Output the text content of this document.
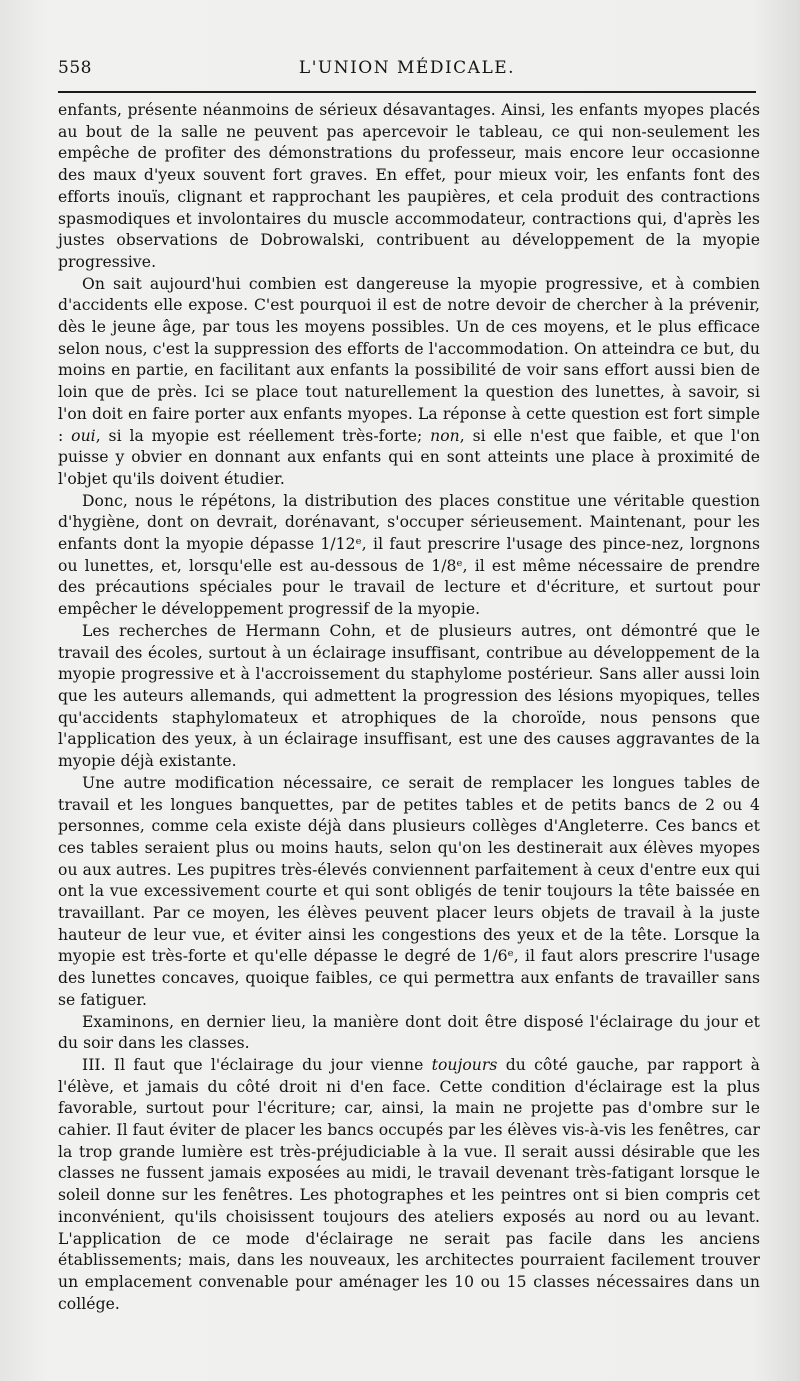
558	L'UNION MÉDICALE.

enfants, présente néanmoins de sérieux désavantages. Ainsi, les enfants myopes placés au bout de la salle ne peuvent pas apercevoir le tableau, ce qui non-seulement les empêche de profiter des démonstrations du professeur, mais encore leur occasionne des maux d'yeux souvent fort graves. En effet, pour mieux voir, les enfants font des efforts inouïs, clignant et rapprochant les paupières, et cela produit des contractions spasmodiques et involontaires du muscle accommodateur, contractions qui, d'après les justes observations de Dobrowalski, contribuent au développement de la myopie progressive.

On sait aujourd'hui combien est dangereuse la myopie progressive, et à combien d'accidents elle expose. C'est pourquoi il est de notre devoir de chercher à la prévenir, dès le jeune âge, par tous les moyens possibles. Un de ces moyens, et le plus efficace selon nous, c'est la suppression des efforts de l'accommodation. On atteindra ce but, du moins en partie, en facilitant aux enfants la possibilité de voir sans effort aussi bien de loin que de près. Ici se place tout naturellement la question des lunettes, à savoir, si l'on doit en faire porter aux enfants myopes. La réponse à cette question est fort simple : oui, si la myopie est réellement très-forte; non, si elle n'est que faible, et que l'on puisse y obvier en donnant aux enfants qui en sont atteints une place à proximité de l'objet qu'ils doivent étudier.

Donc, nous le répétons, la distribution des places constitue une véritable question d'hygiène, dont on devrait, dorénavant, s'occuper sérieusement. Maintenant, pour les enfants dont la myopie dépasse 1/12ᵉ, il faut prescrire l'usage des pince-nez, lorgnons ou lunettes, et, lorsqu'elle est au-dessous de 1/8ᵉ, il est même nécessaire de prendre des précautions spéciales pour le travail de lecture et d'écriture, et surtout pour empêcher le développement progressif de la myopie.

Les recherches de Hermann Cohn, et de plusieurs autres, ont démontré que le travail des écoles, surtout à un éclairage insuffisant, contribue au développement de la myopie progressive et à l'accroissement du staphylome postérieur. Sans aller aussi loin que les auteurs allemands, qui admettent la progression des lésions myopiques, telles qu'accidents staphylomateux et atrophiques de la choroïde, nous pensons que l'application des yeux, à un éclairage insuffisant, est une des causes aggravantes de la myopie déjà existante.

Une autre modification nécessaire, ce serait de remplacer les longues tables de travail et les longues banquettes, par de petites tables et de petits bancs de 2 ou 4 personnes, comme cela existe déjà dans plusieurs collèges d'Angleterre. Ces bancs et ces tables seraient plus ou moins hauts, selon qu'on les destinerait aux élèves myopes ou aux autres. Les pupitres très-élevés conviennent parfaitement à ceux d'entre eux qui ont la vue excessivement courte et qui sont obligés de tenir toujours la tête baissée en travaillant. Par ce moyen, les élèves peuvent placer leurs objets de travail à la juste hauteur de leur vue, et éviter ainsi les congestions des yeux et de la tête. Lorsque la myopie est très-forte et qu'elle dépasse le degré de 1/6ᵉ, il faut alors prescrire l'usage des lunettes concaves, quoique faibles, ce qui permettra aux enfants de travailler sans se fatiguer.

Examinons, en dernier lieu, la manière dont doit être disposé l'éclairage du jour et du soir dans les classes.

III. Il faut que l'éclairage du jour vienne toujours du côté gauche, par rapport à l'élève, et jamais du côté droit ni d'en face. Cette condition d'éclairage est la plus favorable, surtout pour l'écriture; car, ainsi, la main ne projette pas d'ombre sur le cahier. Il faut éviter de placer les bancs occupés par les élèves vis-à-vis les fenêtres, car la trop grande lumière est très-préjudiciable à la vue. Il serait aussi désirable que les classes ne fussent jamais exposées au midi, le travail devenant très-fatigant lorsque le soleil donne sur les fenêtres. Les photographes et les peintres ont si bien compris cet inconvénient, qu'ils choisissent toujours des ateliers exposés au nord ou au levant. L'application de ce mode d'éclairage ne serait pas facile dans les anciens établissements; mais, dans les nouveaux, les architectes pourraient facilement trouver un emplacement convenable pour aménager les 10 ou 15 classes nécessaires dans un collége.
